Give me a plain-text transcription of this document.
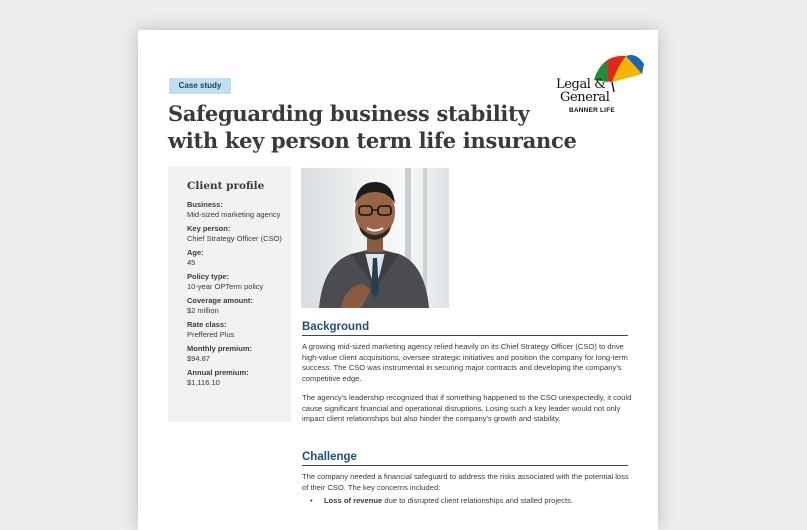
Case study
Safeguarding business stability
with key person term life insurance
Legal &
General
BANNER LIFE
Client profile
Business:
Mid-sized marketing agency
Key person:
Chief Strategy Officer (CSO)
Age:
45
Policy type:
10-year OPTerm policy
Coverage amount:
$2 million
Rate class:
Preffered Plus
Monthly premium:
$94.87
Annual premium:
$1,116.10
Background
A growing mid-sized marketing agency relied heavily on its Chief Strategy Officer (CSO) to drive high-value client acquisitions, oversee strategic initiatives and position the company for long-term success. The CSO was instrumental in securing major contracts and developing the company's competitive edge.
The agency's leadership recognized that if something happened to the CSO unexpectedly, it could cause significant financial and operational disruptions. Losing such a key leader would not only impact client relationships but also hinder the company's growth and stability.
Challenge
The company needed a financial safeguard to address the risks associated with the potential loss of their CSO. The key concerns included:
• Loss of revenue due to disrupted client relationships and stalled projects.
